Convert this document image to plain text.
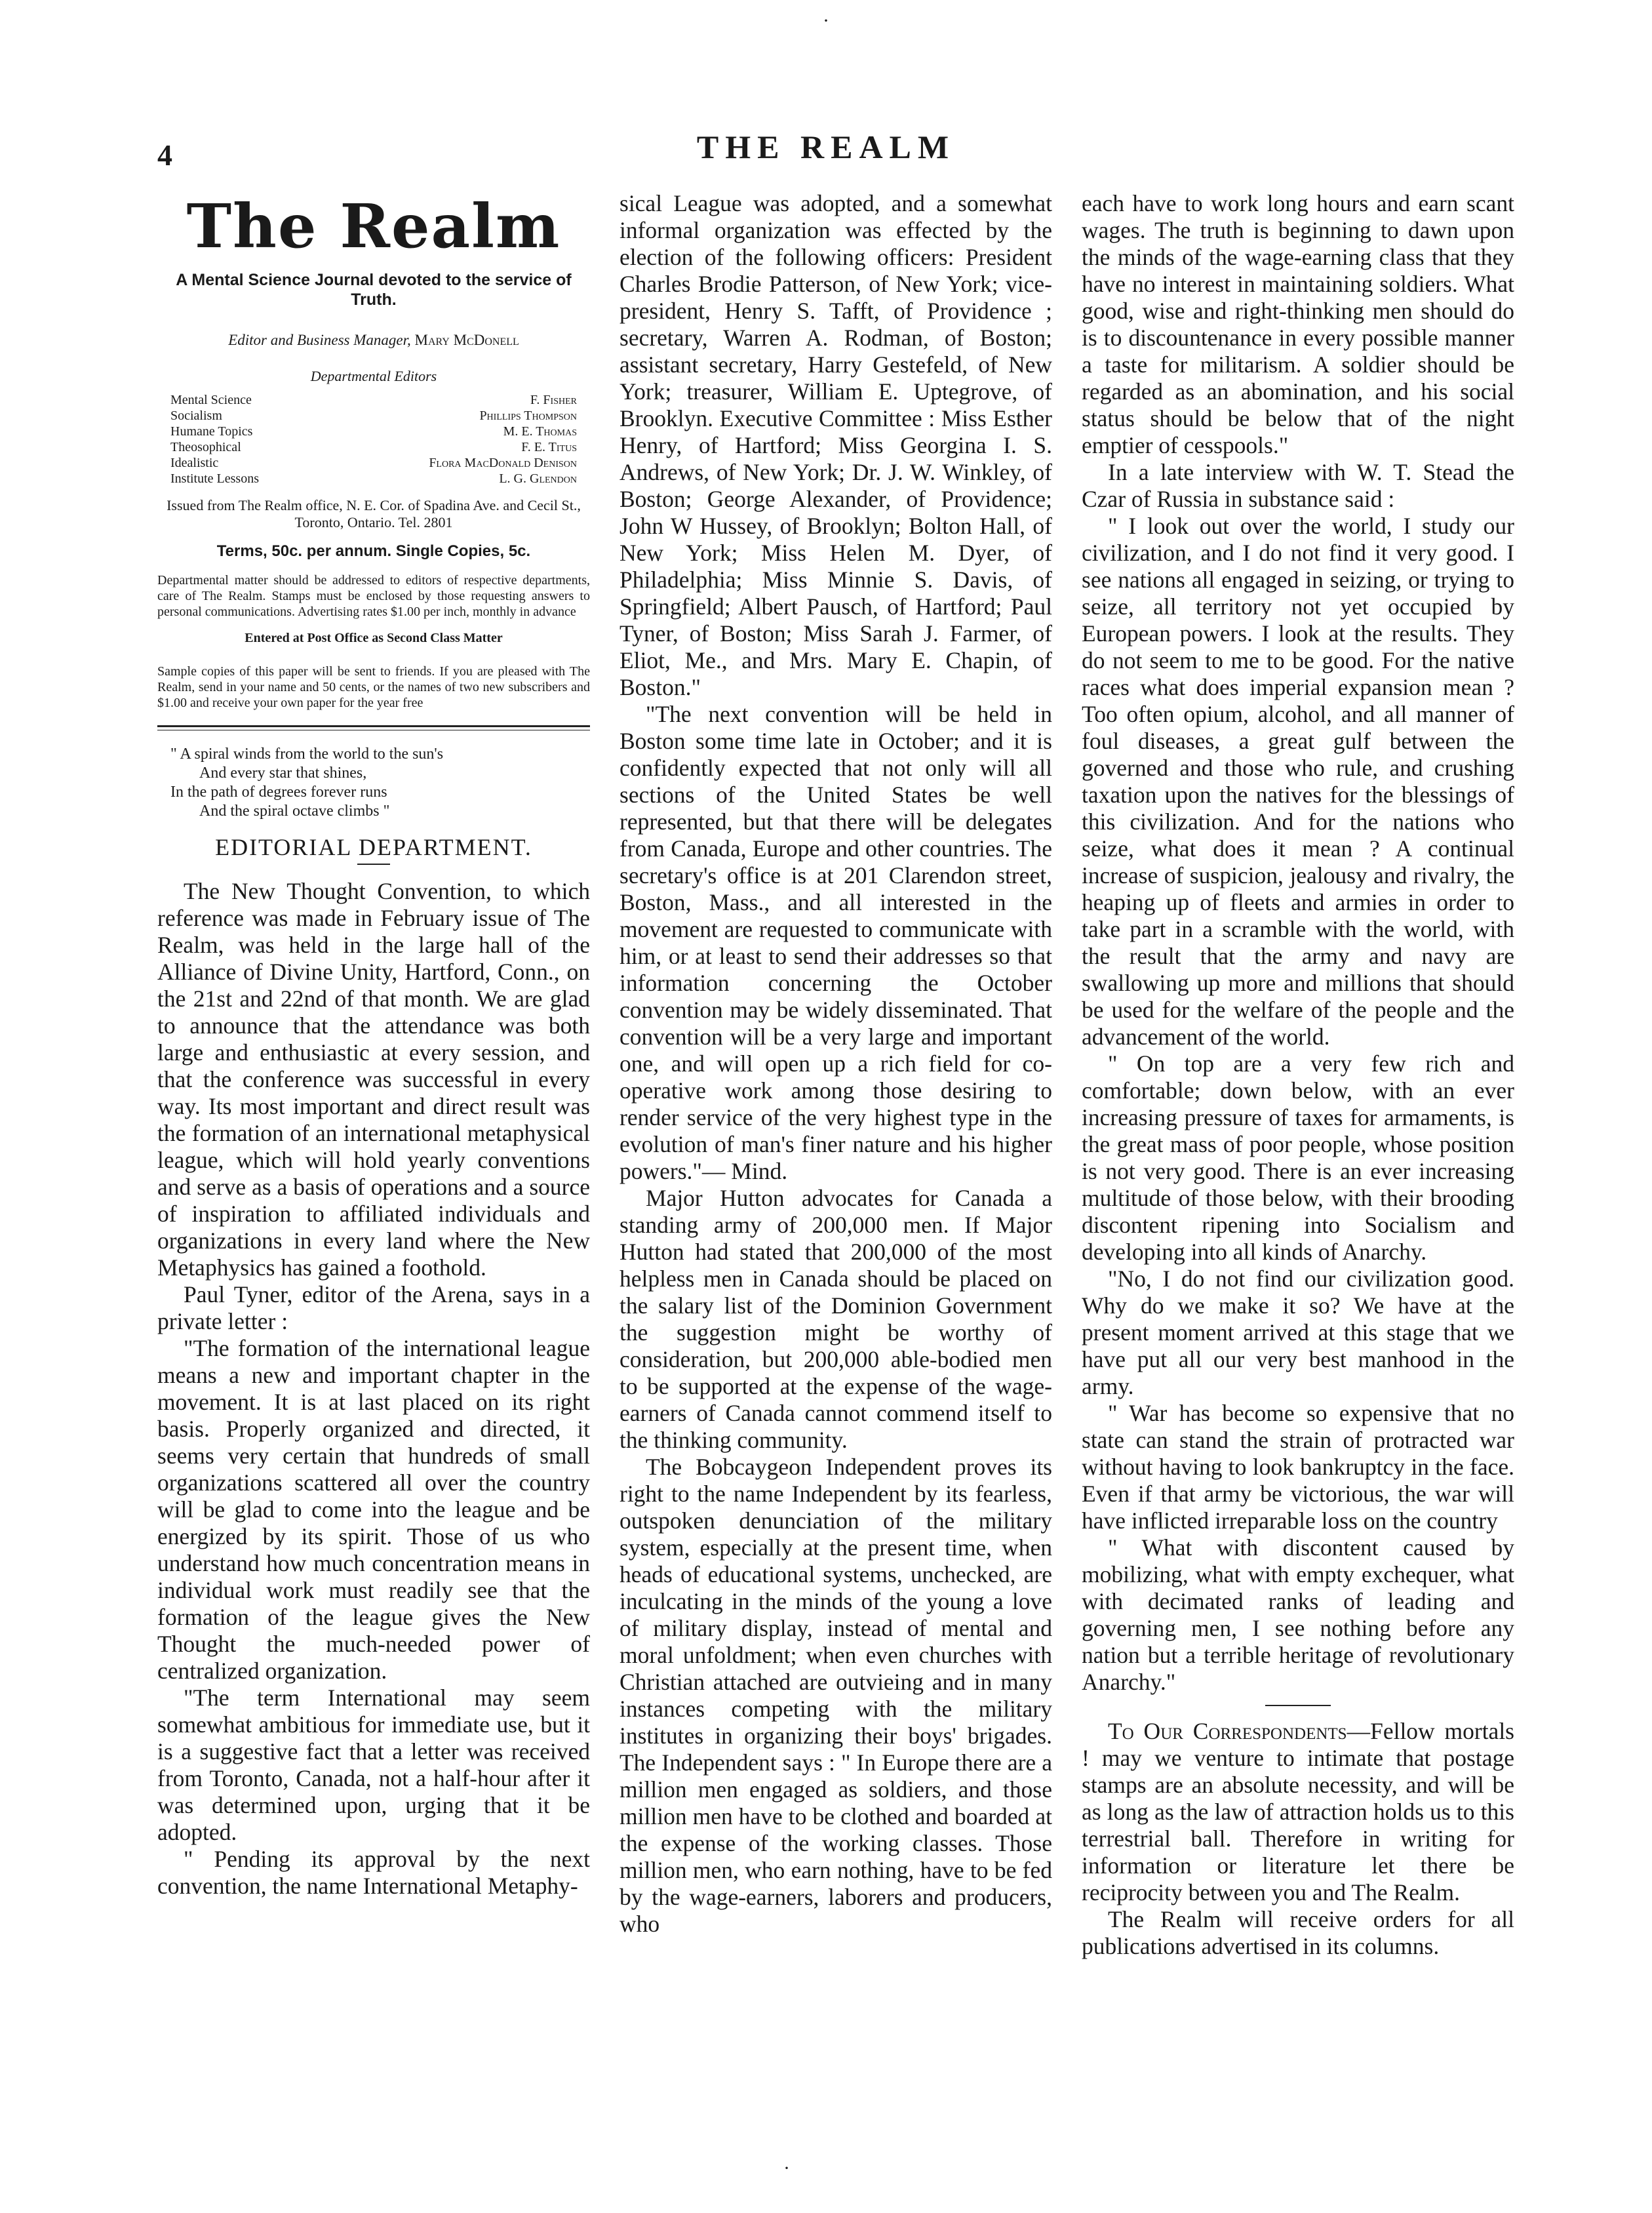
4	THE REALM
The Realm
A Mental Science Journal devoted to the service of Truth.
Editor and Business Manager, Mary McDonell
Departmental Editors
Mental Science	F. Fisher
Socialism	Phillips Thompson
Humane Topics	M. E. Thomas
Theosophical	F. E. Titus
Idealistic	Flora MacDonald Denison
Institute Lessons	L. G. Glendon
Issued from The Realm office, N. E. Cor. of Spadina Ave. and Cecil St., Toronto, Ontario. Tel. 2801
Terms, 50c. per annum. Single Copies, 5c.
Departmental matter should be addressed to editors of respective departments, care of The Realm. Stamps must be enclosed by those requesting answers to personal communications. Advertising rates $1.00 per inch, monthly in advance
Entered at Post Office as Second Class Matter
Sample copies of this paper will be sent to friends. If you are pleased with The Realm, send in your name and 50 cents, or the names of two new subscribers and $1.00 and receive your own paper for the year free
" A spiral winds from the world to the sun's
And every star that shines,
In the path of degrees forever runs
And the spiral octave climbs "
EDITORIAL DEPARTMENT.

The New Thought Convention, to which reference was made in February issue of The Realm, was held in the large hall of the Alliance of Divine Unity, Hartford, Conn., on the 21st and 22nd of that month. We are glad to announce that the attendance was both large and enthusiastic at every session, and that the conference was successful in every way. Its most important and direct result was the formation of an international metaphysical league, which will hold yearly conventions and serve as a basis of operations and a source of inspiration to affiliated individuals and organizations in every land where the New Metaphysics has gained a foothold.

Paul Tyner, editor of the Arena, says in a private letter :

"The formation of the international league means a new and important chapter in the movement. It is at last placed on its right basis. Properly organized and directed, it seems very certain that hundreds of small organizations scattered all over the country will be glad to come into the league and be energized by its spirit. Those of us who understand how much concentration means in individual work must readily see that the formation of the league gives the New Thought the much-needed power of centralized organization.

"The term International may seem somewhat ambitious for immediate use, but it is a suggestive fact that a letter was received from Toronto, Canada, not a half-hour after it was determined upon, urging that it be adopted.

" Pending its approval by the next convention, the name International Metaphy-

sical League was adopted, and a somewhat informal organization was effected by the election of the following officers: President Charles Brodie Patterson, of New York; vice-president, Henry S. Tafft, of Providence ; secretary, Warren A. Rodman, of Boston; assistant secretary, Harry Gestefeld, of New York; treasurer, William E. Uptegrove, of Brooklyn. Executive Committee : Miss Esther Henry, of Hartford; Miss Georgina I. S. Andrews, of New York; Dr. J. W. Winkley, of Boston; George Alexander, of Providence; John W Hussey, of Brooklyn; Bolton Hall, of New York; Miss Helen M. Dyer, of Philadelphia; Miss Minnie S. Davis, of Springfield; Albert Pausch, of Hartford; Paul Tyner, of Boston; Miss Sarah J. Farmer, of Eliot, Me., and Mrs. Mary E. Chapin, of Boston."

"The next convention will be held in Boston some time late in October; and it is confidently expected that not only will all sections of the United States be well represented, but that there will be delegates from Canada, Europe and other countries. The secretary's office is at 201 Clarendon street, Boston, Mass., and all interested in the movement are requested to communicate with him, or at least to send their addresses so that information concerning the October convention may be widely disseminated. That convention will be a very large and important one, and will open up a rich field for co-operative work among those desiring to render service of the very highest type in the evolution of man's finer nature and his higher powers."— Mind.

Major Hutton advocates for Canada a standing army of 200,000 men. If Major Hutton had stated that 200,000 of the most helpless men in Canada should be placed on the salary list of the Dominion Government the suggestion might be worthy of consideration, but 200,000 able-bodied men to be supported at the expense of the wage-earners of Canada cannot commend itself to the thinking community.

The Bobcaygeon Independent proves its right to the name Independent by its fearless, outspoken denunciation of the military system, especially at the present time, when heads of educational systems, unchecked, are inculcating in the minds of the young a love of military display, instead of mental and moral unfoldment; when even churches with Christian attached are outvieing and in many instances competing with the military institutes in organizing their boys' brigades. The Independent says : " In Europe there are a million men engaged as soldiers, and those million men have to be clothed and boarded at the expense of the working classes. Those million men, who earn nothing, have to be fed by the wage-earners, laborers and producers, who

each have to work long hours and earn scant wages. The truth is beginning to dawn upon the minds of the wage-earning class that they have no interest in maintaining soldiers. What good, wise and right-thinking men should do is to discountenance in every possible manner a taste for militarism. A soldier should be regarded as an abomination, and his social status should be below that of the night emptier of cesspools."

In a late interview with W. T. Stead the Czar of Russia in substance said :

" I look out over the world, I study our civilization, and I do not find it very good. I see nations all engaged in seizing, or trying to seize, all territory not yet occupied by European powers. I look at the results. They do not seem to me to be good. For the native races what does imperial expansion mean ? Too often opium, alcohol, and all manner of foul diseases, a great gulf between the governed and those who rule, and crushing taxation upon the natives for the blessings of this civilization. And for the nations who seize, what does it mean ? A continual increase of suspicion, jealousy and rivalry, the heaping up of fleets and armies in order to take part in a scramble with the world, with the result that the army and navy are swallowing up more and millions that should be used for the welfare of the people and the advancement of the world.

" On top are a very few rich and comfortable; down below, with an ever increasing pressure of taxes for armaments, is the great mass of poor people, whose position is not very good. There is an ever increasing multitude of those below, with their brooding discontent ripening into Socialism and developing into all kinds of Anarchy.

"No, I do not find our civilization good. Why do we make it so? We have at the present moment arrived at this stage that we have put all our very best manhood in the army.

" War has become so expensive that no state can stand the strain of protracted war without having to look bankruptcy in the face. Even if that army be victorious, the war will have inflicted irreparable loss on the country

" What with discontent caused by mobilizing, what with empty exchequer, what with decimated ranks of leading and governing men, I see nothing before any nation but a terrible heritage of revolutionary Anarchy."

To Our Correspondents—Fellow mortals ! may we venture to intimate that postage stamps are an absolute necessity, and will be as long as the law of attraction holds us to this terrestrial ball. Therefore in writing for information or literature let there be reciprocity between you and The Realm.

The Realm will receive orders for all publications advertised in its columns.

·
·
